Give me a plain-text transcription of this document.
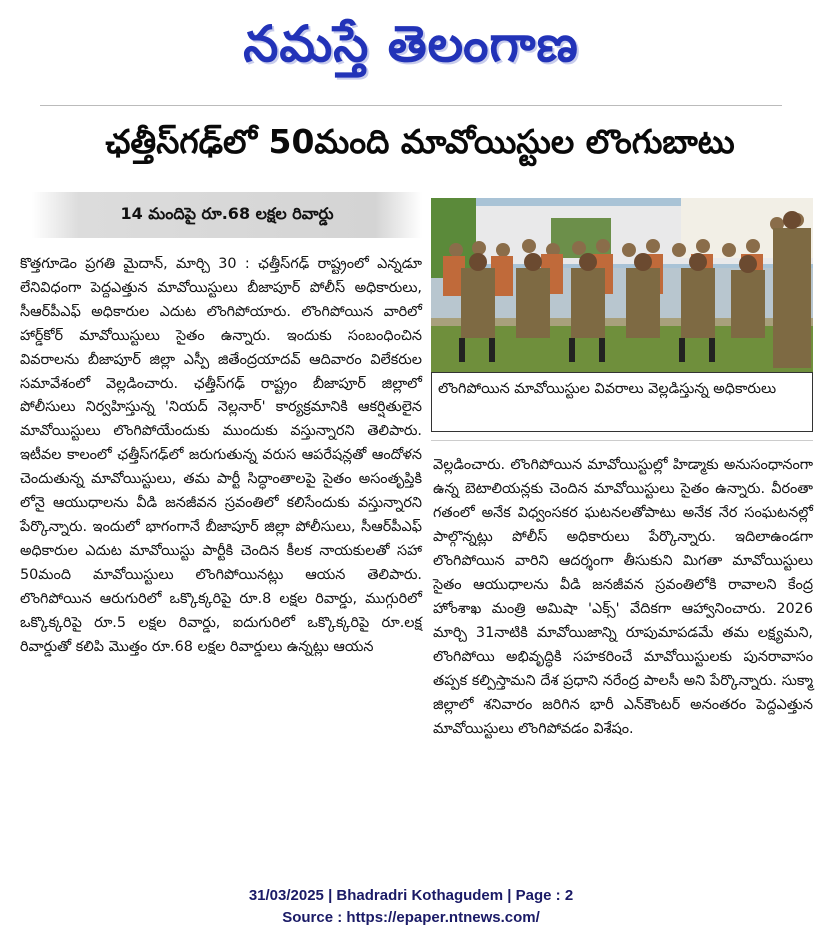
నమస్తే తెలంగాణ
ఛత్తీస్‌గఢ్‌లో 50మంది మావోయిస్టుల లొంగుబాటు
14 మందిపై రూ.68 లక్షల రివార్డు

కొత్తగూడెం ప్రగతి మైదాన్, మార్చి 30 : ఛత్తీస్‌గఢ్‌ రాష్ట్రంలో ఎన్నడూ లేనివిధంగా పెద్దఎత్తున మావోయిస్టులు బీజాపూర్‌ పోలీస్‌ అధికారులు, సీఆర్‌పీఎఫ్‌ అధికారుల ఎదుట లొంగిపోయారు. లొంగిపోయిన వారిలో హార్డ్‌కోర్‌ మావోయిస్టులు సైతం ఉన్నారు. ఇందుకు సంబంధించిన వివరాలను బీజాపూర్‌ జిల్లా ఎస్పీ జితేంద్రయాదవ్‌ ఆదివారం విలేకరుల సమావేశంలో వెల్లడించారు. ఛత్తీస్‌గఢ్‌ రాష్ట్రం బీజాపూర్‌ జిల్లాలో పోలీసులు నిర్వహిస్తున్న 'నియద్‌ నెల్లనార్‌' కార్యక్రమానికి ఆకర్షితులైన మావోయిస్టులు లొంగిపోయేందుకు ముందుకు వస్తున్నారని తెలిపారు. ఇటీవల కాలంలో ఛత్తీస్‌గఢ్‌లో జరుగుతున్న వరుస ఆపరేషన్లతో ఆందోళన చెందుతున్న మావోయిస్టులు, తమ పార్టీ సిద్ధాంతాలపై సైతం అసంతృప్తికి లోనై ఆయుధాలను వీడి జనజీవన స్రవంతిలో కలిసేందుకు వస్తున్నారని పేర్కొన్నారు. ఇందులో భాగంగానే బీజాపూర్‌ జిల్లా పోలీసులు, సీఆర్‌పీఎఫ్‌ అధికారుల ఎదుట మావోయిస్టు పార్టీకి చెందిన కీలక నాయకులతో సహా 50మంది మావోయిస్టులు లొంగిపోయినట్లు ఆయన తెలిపారు. లొంగిపోయిన ఆరుగురిలో ఒక్కొక్కరిపై రూ.8 లక్షల రివార్డు, ముగ్గురిలో ఒక్కొక్కరిపై రూ.5 లక్షల రివార్డు, ఐదుగురిలో ఒక్కొక్కరిపై రూ.లక్ష రివార్డుతో కలిపి మొత్తం రూ.68 లక్షల రివార్డులు ఉన్నట్లు ఆయన

లొంగిపోయిన మావోయిస్టుల వివరాలు వెల్లడిస్తున్న అధికారులు

వెల్లడించారు. లొంగిపోయిన మావోయిస్టుల్లో హిడ్మాకు అనుసంధానంగా ఉన్న బెటాలియన్లకు చెందిన మావోయిస్టులు సైతం ఉన్నారు. వీరంతా గతంలో అనేక విధ్వంసకర ఘటనలతోపాటు అనేక నేర సంఘటనల్లో పాల్గొన్నట్లు పోలీస్‌ అధికారులు పేర్కొన్నారు. ఇదిలాఉండగా లొంగిపోయిన వారిని ఆదర్శంగా తీసుకుని మిగతా మావోయిస్టులు సైతం ఆయుధాలను వీడి జనజీవన స్రవంతిలోకి రావాలని కేంద్ర హోంశాఖ మంత్రి అమిషా 'ఎక్స్‌' వేదికగా ఆహ్వానించారు. 2026 మార్చి 31నాటికి మావోయిజాన్ని రూపుమాపడమే తమ లక్ష్యమని, లొంగిపోయి అభివృద్ధికి సహకరించే మావోయిస్టులకు పునరావాసం తప్పక కల్పిస్తామని దేశ ప్రధాని నరేంద్ర పాలసీ అని పేర్కొన్నారు. సుక్మా జిల్లాలో శనివారం జరిగిన భారీ ఎన్‌కౌంటర్‌ అనంతరం పెద్దఎత్తున మావోయిస్టులు లొంగిపోవడం విశేషం.

31/03/2025 | Bhadradri Kothagudem | Page : 2
Source : https://epaper.ntnews.com/
